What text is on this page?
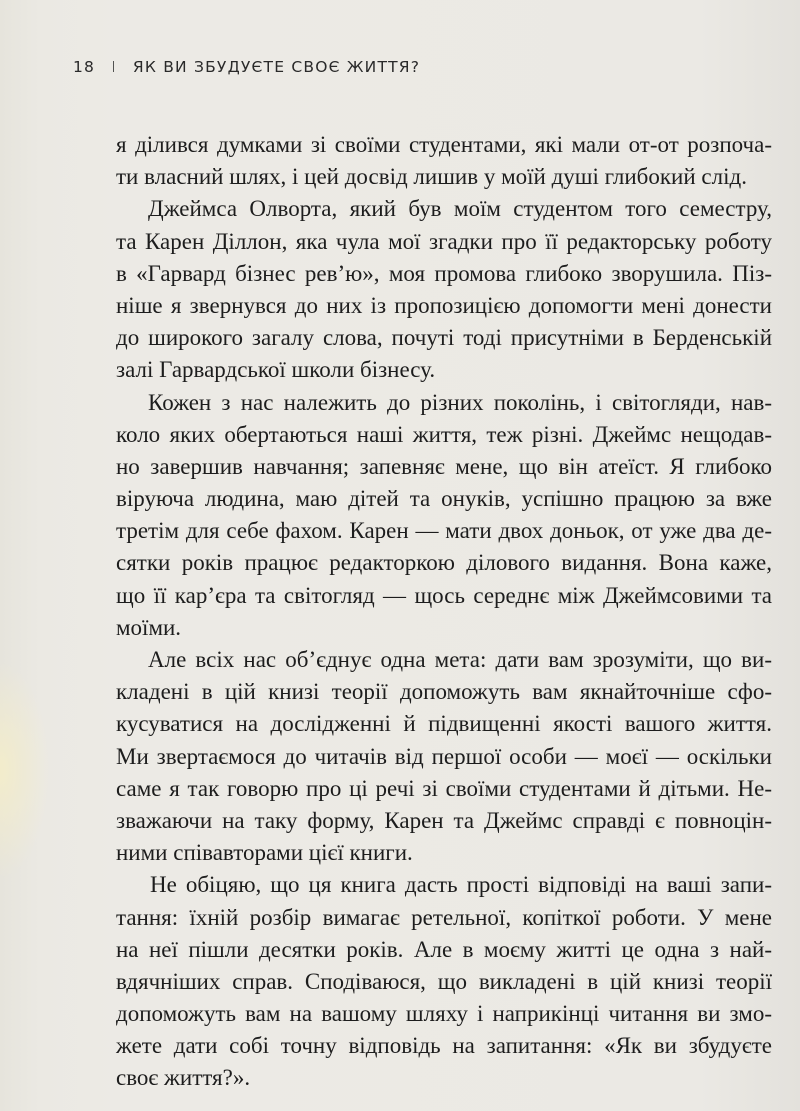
18 I ЯК ВИ ЗБУДУЄТЕ СВОЄ ЖИТТЯ?
я ділився думками зі своїми студентами, які мали от-от розпоча-
ти власний шлях, і цей досвід лишив у моїй душі глибокий слід.
Джеймса Олворта, який був моїм студентом того семестру,
та Карен Діллон, яка чула мої згадки про її редакторську роботу
в «Гарвард бізнес рев’ю», моя промова глибоко зворушила. Піз-
ніше я звернувся до них із пропозицією допомогти мені донести
до широкого загалу слова, почуті тоді присутніми в Берденській
залі Гарвардської школи бізнесу.
Кожен з нас належить до різних поколінь, і світогляди, нав-
коло яких обертаються наші життя, теж різні. Джеймс нещодав-
но завершив навчання; запевняє мене, що він атеїст. Я глибоко
віруюча людина, маю дітей та онуків, успішно працюю за вже
третім для себе фахом. Карен — мати двох доньок, от уже два де-
сятки років працює редакторкою ділового видання. Вона каже,
що її кар’єра та світогляд — щось середнє між Джеймсовими та
моїми.
Але всіх нас об’єднує одна мета: дати вам зрозуміти, що ви-
кладені в цій книзі теорії допоможуть вам якнайточніше сфо-
кусуватися на дослідженні й підвищенні якості вашого життя.
Ми звертаємося до читачів від першої особи — моєї — оскільки
саме я так говорю про ці речі зі своїми студентами й дітьми. Не-
зважаючи на таку форму, Карен та Джеймс справді є повноцін-
ними співавторами цієї книги.
Не обіцяю, що ця книга дасть прості відповіді на ваші запи-
тання: їхній розбір вимагає ретельної, копіткої роботи. У мене
на неї пішли десятки років. Але в моєму житті це одна з най-
вдячніших справ. Сподіваюся, що викладені в цій книзі теорії
допоможуть вам на вашому шляху і наприкінці читання ви змо-
жете дати собі точну відповідь на запитання: «Як ви збудуєте
своє життя?».
